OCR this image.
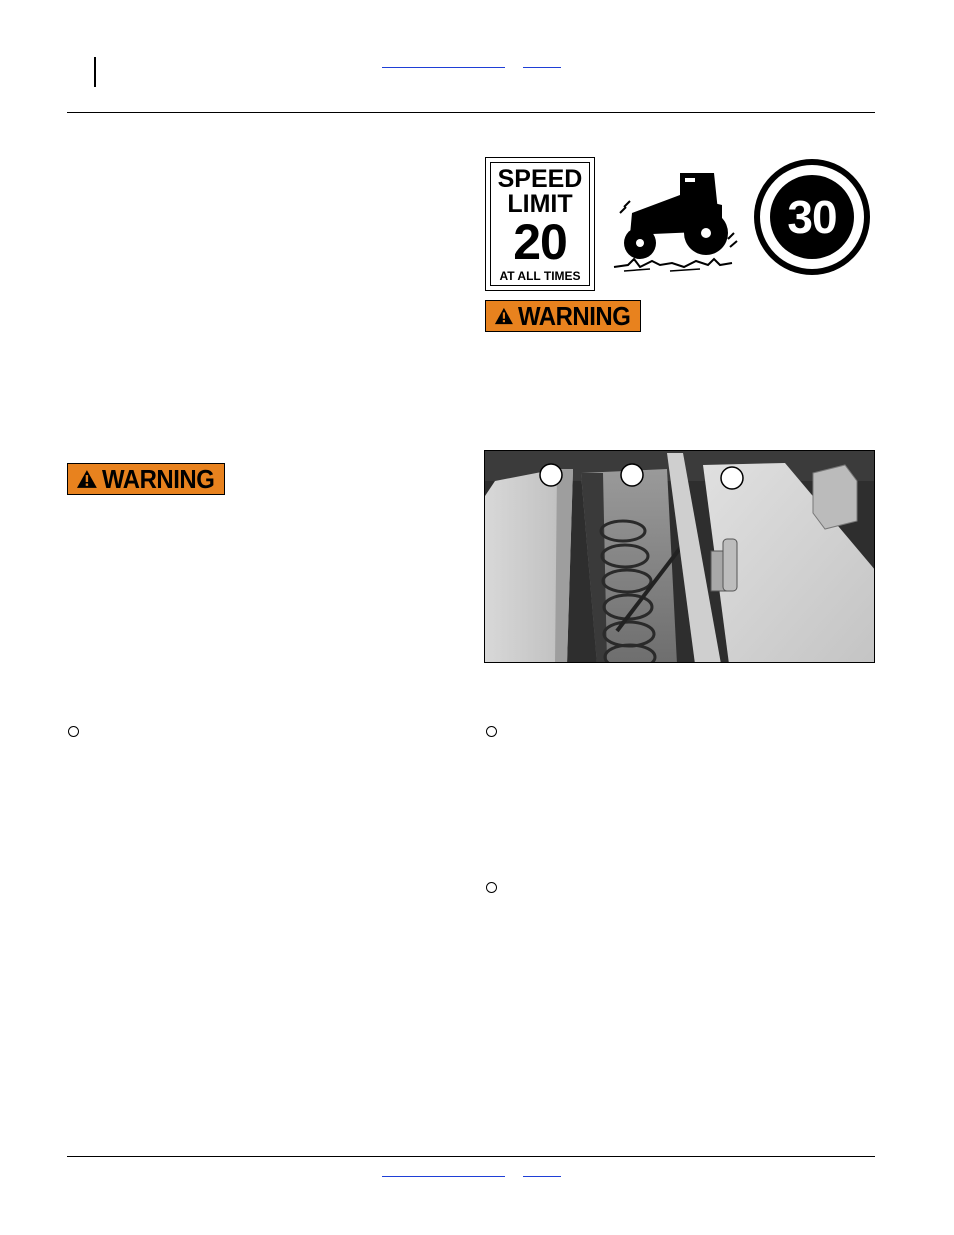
SPEED
LIMIT
20
AT ALL TIMES
30
WARNING
WARNING
